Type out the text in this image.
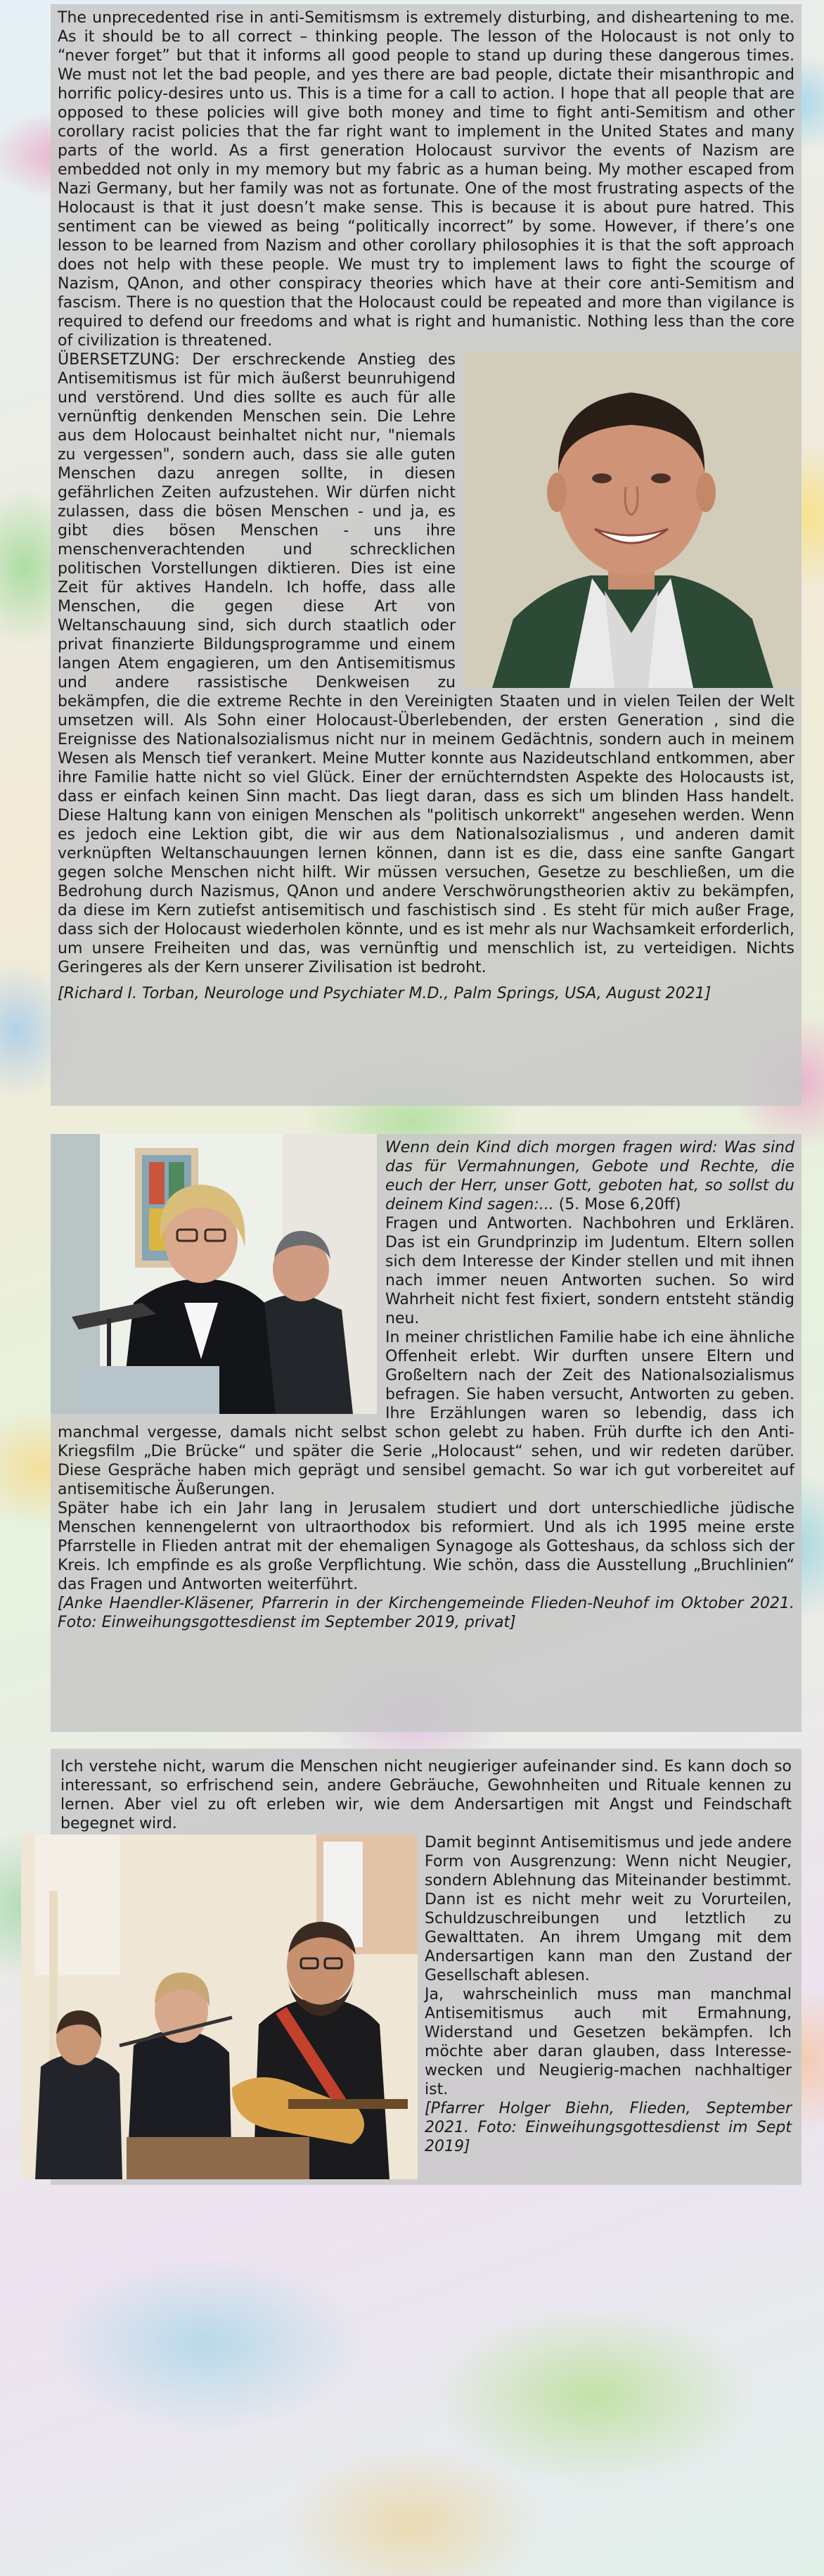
The unprecedented rise in anti-Semitismsm is extremely disturbing, and disheartening to me. As it should be to all correct – thinking people. The lesson of the Holocaust is not only to “never forget” but that it informs all good people to stand up during these dangerous times. We must not let the bad people, and yes there are bad people, dictate their misanthropic and horrific policy-desires unto us. This is a time for a call to action. I hope that all people that are opposed to these policies will give both money and time to fight anti-Semitism and other corollary racist policies that the far right want to implement in the United States and many parts of the world. As a first generation Holocaust survivor the events of Nazism are embedded not only in my memory but my fabric as a human being. My mother escaped from Nazi Germany, but her family was not as fortunate. One of the most frustrating aspects of the Holocaust is that it just doesn’t make sense. This is because it is about pure hatred. This sentiment can be viewed as being “politically incorrect” by some. However, if there’s one lesson to be learned from Nazism and other corollary philosophies it is that the soft approach does not help with these people. We must try to implement laws to fight the scourge of Nazism, QAnon, and other conspiracy theories which have at their core anti-Semitism and fascism. There is no question that the Holocaust could be repeated and more than vigilance is required to defend our freedoms and what is right and humanistic. Nothing less than the core of civilization is threatened.

ÜBERSETZUNG: Der erschreckende Anstieg des Antisemitismus ist für mich äußerst beunruhigend und verstörend. Und dies sollte es auch für alle vernünftig denkenden Menschen sein. Die Lehre aus dem Holocaust beinhaltet nicht nur, "niemals zu vergessen", sondern auch, dass sie alle guten Menschen dazu anregen sollte, in diesen gefährlichen Zeiten aufzustehen. Wir dürfen nicht zulassen, dass die bösen Menschen - und ja, es gibt dies bösen Menschen - uns ihre menschenverachtenden und schrecklichen politischen Vorstellungen diktieren. Dies ist eine Zeit für aktives Handeln. Ich hoffe, dass alle Menschen, die gegen diese Art von Weltanschauung sind, sich durch staatlich oder privat finanzierte Bildungsprogramme und einem langen Atem engagieren, um den Antisemitismus und andere rassistische Denkweisen zu bekämpfen, die die extreme Rechte in den Vereinigten Staaten und in vielen Teilen der Welt umsetzen will. Als Sohn einer Holocaust-Überlebenden, der ersten Generation , sind die Ereignisse des Nationalsozialismus nicht nur in meinem Gedächtnis, sondern auch in meinem Wesen als Mensch tief verankert. Meine Mutter konnte aus Nazideutschland entkommen, aber ihre Familie hatte nicht so viel Glück. Einer der ernüchterndsten Aspekte des Holocausts ist, dass er einfach keinen Sinn macht. Das liegt daran, dass es sich um blinden Hass handelt. Diese Haltung kann von einigen Menschen als "politisch unkorrekt" angesehen werden. Wenn es jedoch eine Lektion gibt, die wir aus dem Nationalsozialismus , und anderen damit verknüpften Weltanschauungen lernen können, dann ist es die, dass eine sanfte Gangart gegen solche Menschen nicht hilft. Wir müssen versuchen, Gesetze zu beschließen, um die Bedrohung durch Nazismus, QAnon und andere Verschwörungstheorien aktiv zu bekämpfen, da diese im Kern zutiefst antisemitisch und faschistisch sind . Es steht für mich außer Frage, dass sich der Holocaust wiederholen könnte, und es ist mehr als nur Wachsamkeit erforderlich, um unsere Freiheiten und das, was vernünftig und menschlich ist, zu verteidigen. Nichts Geringeres als der Kern unserer Zivilisation ist bedroht.

[Richard I. Torban, Neurologe und Psychiater M.D., Palm Springs, USA, August 2021]
Wenn dein Kind dich morgen fragen wird: Was sind das für Vermahnungen, Gebote und Rechte, die euch der Herr, unser Gott, geboten hat, so sollst du deinem Kind sagen:... (5. Mose 6,20ff)

Fragen und Antworten. Nachbohren und Erklären. Das ist ein Grundprinzip im Judentum. Eltern sollen sich dem Interesse der Kinder stellen und mit ihnen nach immer neuen Antworten suchen. So wird Wahrheit nicht fest fixiert, sondern entsteht ständig neu.

In meiner christlichen Familie habe ich eine ähnliche Offenheit erlebt. Wir durften unsere Eltern und Großeltern nach der Zeit des Nationalsozialismus befragen. Sie haben versucht, Antworten zu geben. Ihre Erzählungen waren so lebendig, dass ich manchmal vergesse, damals nicht selbst schon gelebt zu haben. Früh durfte ich den Anti-Kriegsfilm „Die Brücke“ und später die Serie „Holocaust“ sehen, und wir redeten darüber. Diese Gespräche haben mich geprägt und sensibel gemacht. So war ich gut vorbereitet auf antisemitische Äußerungen.

Später habe ich ein Jahr lang in Jerusalem studiert und dort unterschiedliche jüdische Menschen kennengelernt von ultraorthodox bis reformiert. Und als ich 1995 meine erste Pfarrstelle in Flieden antrat mit der ehemaligen Synagoge als Gotteshaus, da schloss sich der Kreis. Ich empfinde es als große Verpflichtung. Wie schön, dass die Ausstellung „Bruchlinien“ das Fragen und Antworten weiterführt.

[Anke Haendler-Kläsener, Pfarrerin in der Kirchengemeinde Flieden-Neuhof im Oktober 2021. Foto: Einweihungsgottesdienst im September 2019, privat]

Ich verstehe nicht, warum die Menschen nicht neugieriger aufeinander sind. Es kann doch so interessant, so erfrischend sein, andere Gebräuche, Gewohnheiten und Rituale kennen zu lernen. Aber viel zu oft erleben wir, wie dem Andersartigen mit Angst und Feindschaft begegnet wird.

Damit beginnt Antisemitismus und jede andere Form von Ausgrenzung: Wenn nicht Neugier, sondern Ablehnung das Miteinander bestimmt. Dann ist es nicht mehr weit zu Vorurteilen, Schuldzuschreibungen und letztlich zu Gewalttaten. An ihrem Umgang mit dem Andersartigen kann man den Zustand der Gesellschaft ablesen.

Ja, wahrscheinlich muss man manchmal Antisemitismus auch mit Ermahnung, Widerstand und Gesetzen bekämpfen. Ich möchte aber daran glauben, dass Interesse-wecken und Neugierig-machen nachhaltiger ist.

[Pfarrer Holger Biehn, Flieden, September 2021. Foto: Einweihungsgottesdienst im Sept 2019]
